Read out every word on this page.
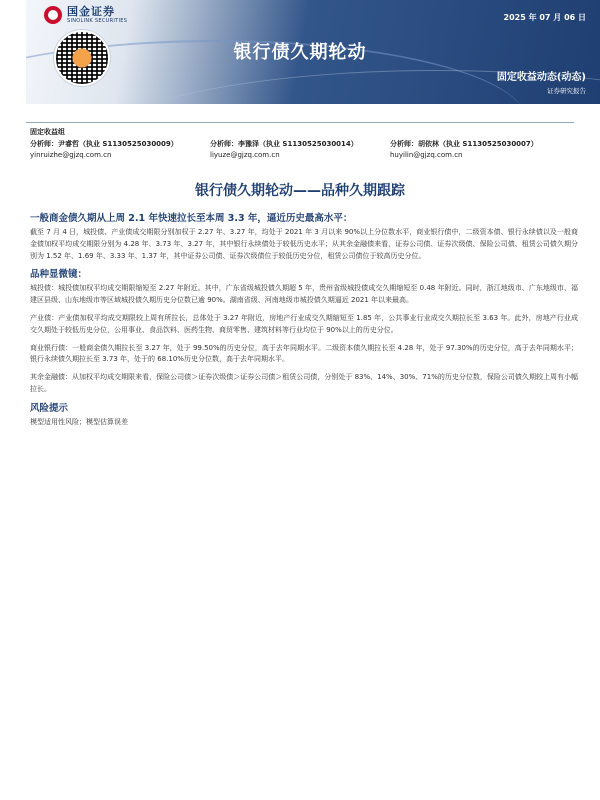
国金证券
SINOLINK SECURITIES	2025 年 07 月 06 日
银行债久期轮动
固定收益动态(动态)
证券研究报告
固定收益组
分析师：尹睿哲（执业 S1130525030009）
yinruizhe@gjzq.com.cn
分析师：李豫泽（执业 S1130525030014）
liyuze@gjzq.com.cn
分析师：胡依林（执业 S1130525030007）
huyilin@gjzq.com.cn
银行债久期轮动——品种久期跟踪
一般商金债久期从上周 2.1 年快速拉长至本周 3.3 年，逼近历史最高水平：
截至 7 月 4 日，城投债、产业债成交期限分别加权于 2.27 年、3.27 年，均处于 2021 年 3 月以来 90%以上分位数水平，商业银行债中，二级资本债、银行永续债以及一般商金债加权平均成交期限分别为 4.28 年、3.73 年、3.27 年，其中银行永续债处于较低历史水平；从其余金融债来看，证券公司债、证券次级债、保险公司债、租赁公司债久期分别为 1.52 年、1.69 年、3.33 年、1.37 年，其中证券公司债、证券次级债位于较低历史分位，租赁公司债位于较高历史分位。
品种显微镜：
城投债：城投债加权平均成交期限缩短至 2.27 年附近。其中，广东省级城投债久期超 5 年，贵州省级城投债成交久期缩短至 0.48 年附近。同时，浙江地级市、广东地级市、福建区县级、山东地级市等区域城投债久期历史分位数已逾 90%。湖南省级、河南地级市城投债久期逼近 2021 年以来最高。
产业债：产业债加权平均成交期限较上周有所拉长，总体处于 3.27 年附近，房地产行业成交久期缩短至 1.85 年，公共事业行业成交久期拉长至 3.63 年。此外，房地产行业成交久期处于较低历史分位，公用事业、食品饮料、医药生物、商贸零售、建筑材料等行业均位于 90%以上的历史分位。
商业银行债：一般商金债久期拉长至 3.27 年，处于 99.50%的历史分位，高于去年同期水平。二级资本债久期拉长至 4.28 年，处于 97.30%的历史分位，高于去年同期水平；银行永续债久期拉长至 3.73 年，处于的 68.10%历史分位数，高于去年同期水平。
其余金融债：从加权平均成交期限来看，保险公司债＞证券次级债＞证券公司债＞租赁公司债，分别处于 83%、14%、30%、71%的历史分位数，保险公司债久期较上周有小幅拉长。
风险提示
模型适用性风险；模型估算误差
